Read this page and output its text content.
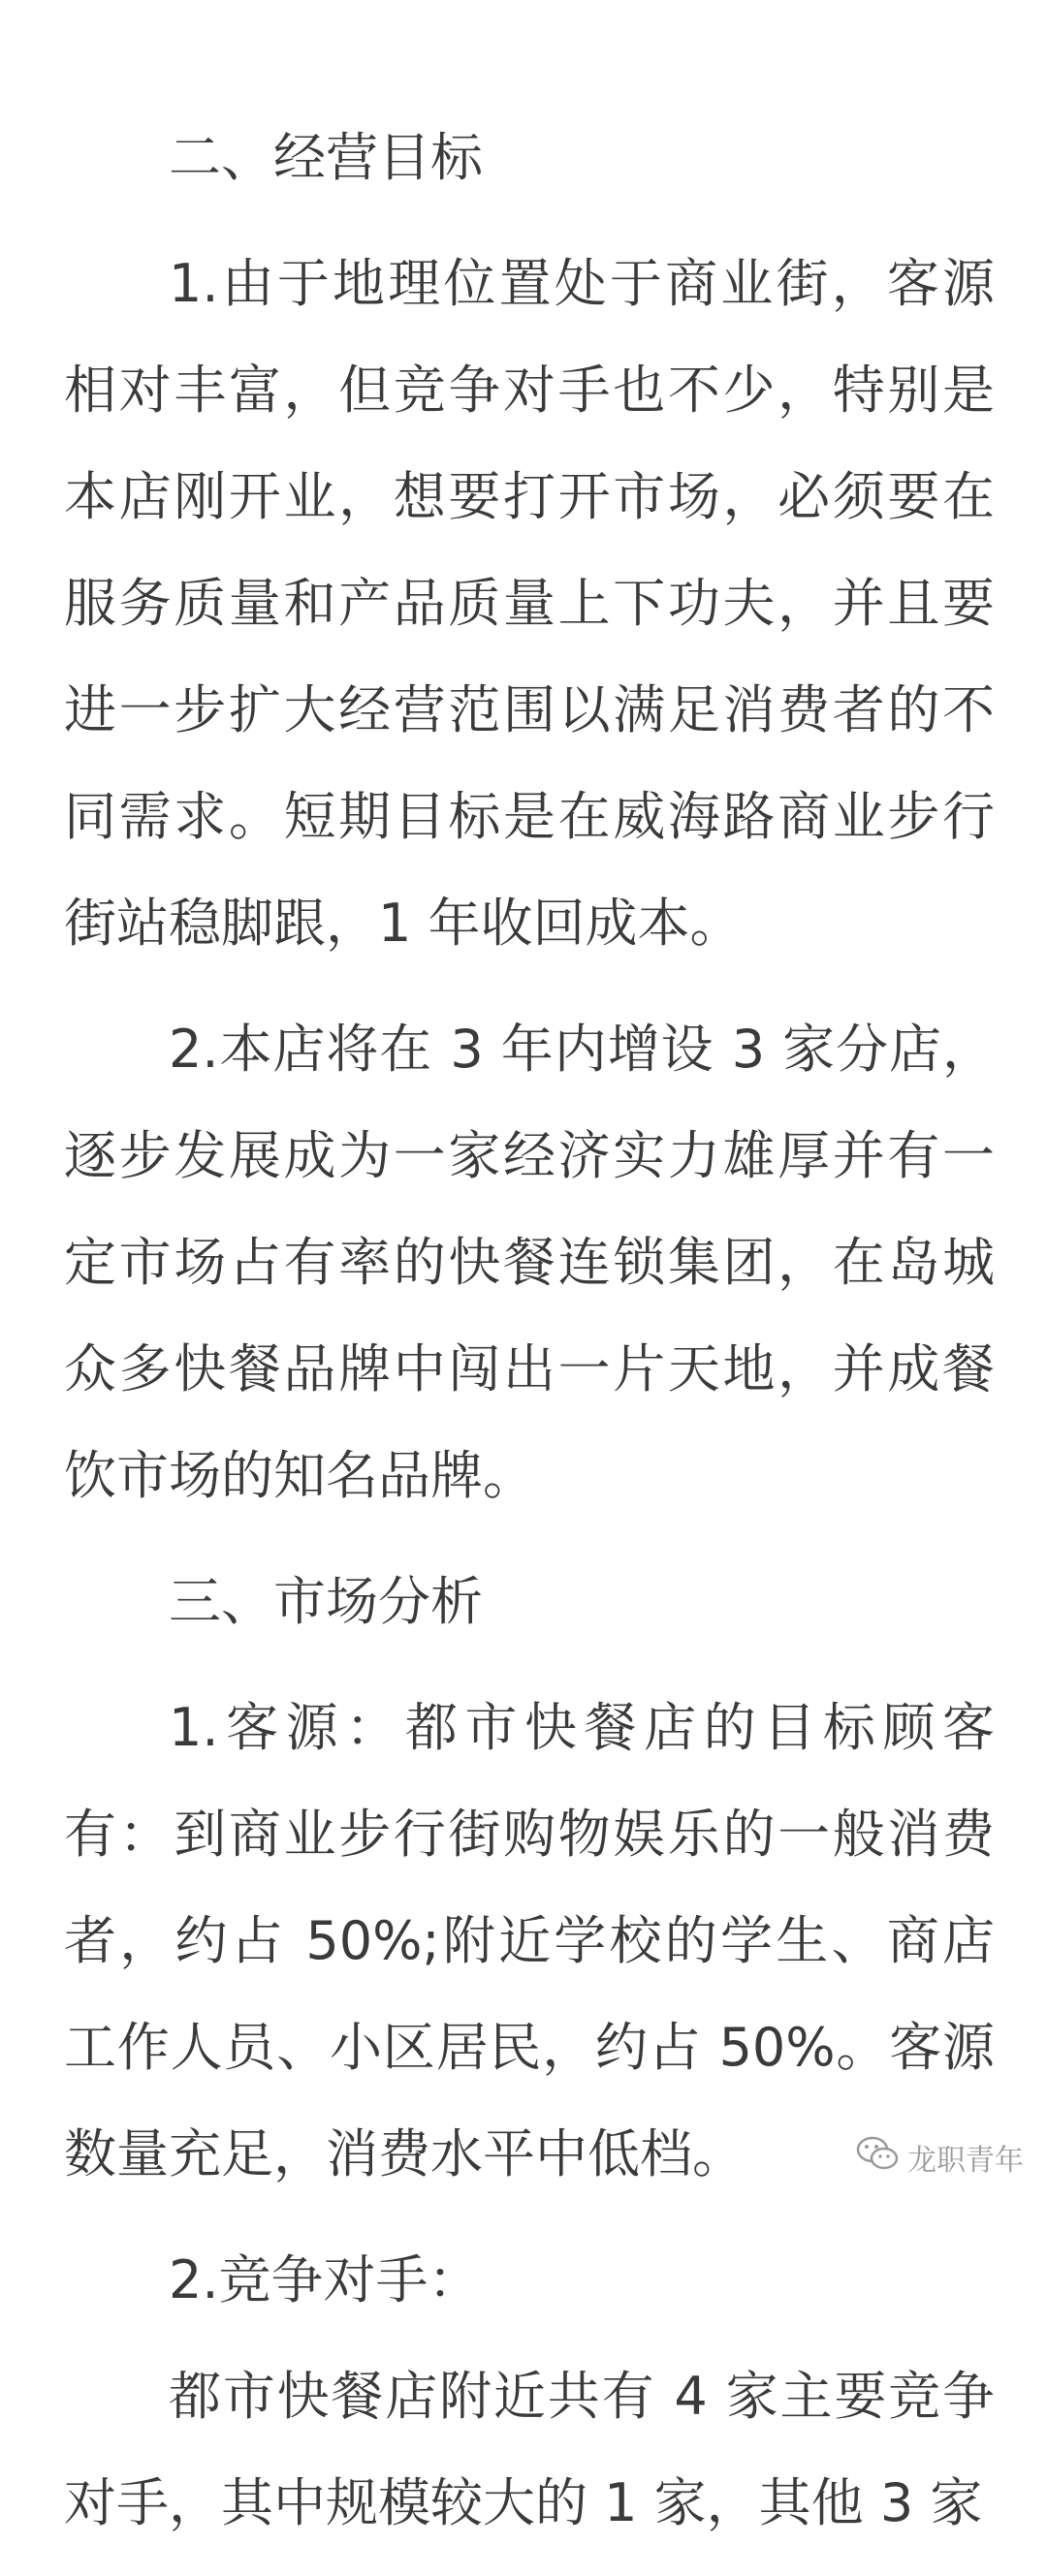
二、经营目标

1.由于地理位置处于商业街，客源相对丰富，但竞争对手也不少，特别是本店刚开业，想要打开市场，必须要在服务质量和产品质量上下功夫，并且要进一步扩大经营范围以满足消费者的不同需求。短期目标是在威海路商业步行街站稳脚跟，1 年收回成本。

2.本店将在 3 年内增设 3 家分店，逐步发展成为一家经济实力雄厚并有一定市场占有率的快餐连锁集团，在岛城众多快餐品牌中闯出一片天地，并成餐饮市场的知名品牌。

三、市场分析

1.客源：都市快餐店的目标顾客有：到商业步行街购物娱乐的一般消费者，约占 50%;附近学校的学生、商店工作人员、小区居民，约占 50%。客源数量充足，消费水平中低档。

2.竞争对手：

都市快餐店附近共有 4 家主要竞争对手，其中规模较大的 1 家，其他 3 家

龙职青年
